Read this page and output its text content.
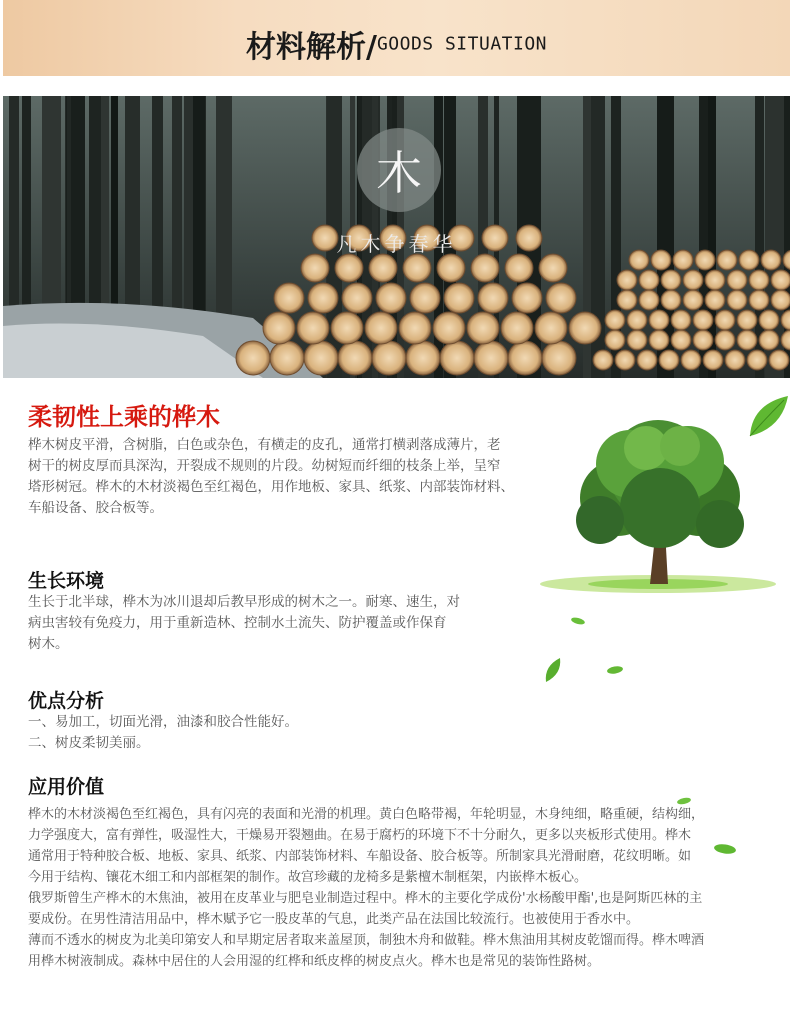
材料解析/GOODS SITUATION
木
凡木争春华
柔韧性上乘的桦木

桦木树皮平滑，含树脂，白色或杂色，有横走的皮孔，通常打横剥落成薄片，老

树干的树皮厚而具深沟，开裂成不规则的片段。幼树短而纤细的枝条上举，呈窄

塔形树冠。桦木的木材淡褐色至红褐色，用作地板、家具、纸浆、内部装饰材料、

车船设备、胶合板等。

生长环境

生长于北半球，桦木为冰川退却后教早形成的树木之一。耐寒、速生，对

病虫害较有免疫力，用于重新造林、控制水土流失、防护覆盖或作保育

树木。

优点分析

一、易加工，切面光滑，油漆和胶合性能好。

二、树皮柔韧美丽。

应用价值

桦木的木材淡褐色至红褐色，具有闪亮的表面和光滑的机理。黄白色略带褐，年轮明显，木身纯细，略重硬，结构细，

力学强度大，富有弹性，吸湿性大，干燥易开裂翘曲。在易于腐朽的环境下不十分耐久，更多以夹板形式使用。桦木

通常用于特种胶合板、地板、家具、纸浆、内部装饰材料、车船设备、胶合板等。所制家具光滑耐磨，花纹明晰。如

今用于结构、镶花木细工和内部框架的制作。故宫珍藏的龙椅多是紫檀木制框架，内嵌桦木板心。

俄罗斯曾生产桦木的木焦油，被用在皮革业与肥皂业制造过程中。桦木的主要化学成份'水杨酸甲酯',也是阿斯匹林的主

要成份。在男性清洁用品中，桦木赋予它一股皮革的气息，此类产品在法国比较流行。也被使用于香水中。

薄而不透水的树皮为北美印第安人和早期定居者取来盖屋顶，制独木舟和做鞋。桦木焦油用其树皮乾馏而得。桦木啤酒

用桦木树液制成。森林中居住的人会用湿的红桦和纸皮桦的树皮点火。桦木也是常见的装饰性路树。
